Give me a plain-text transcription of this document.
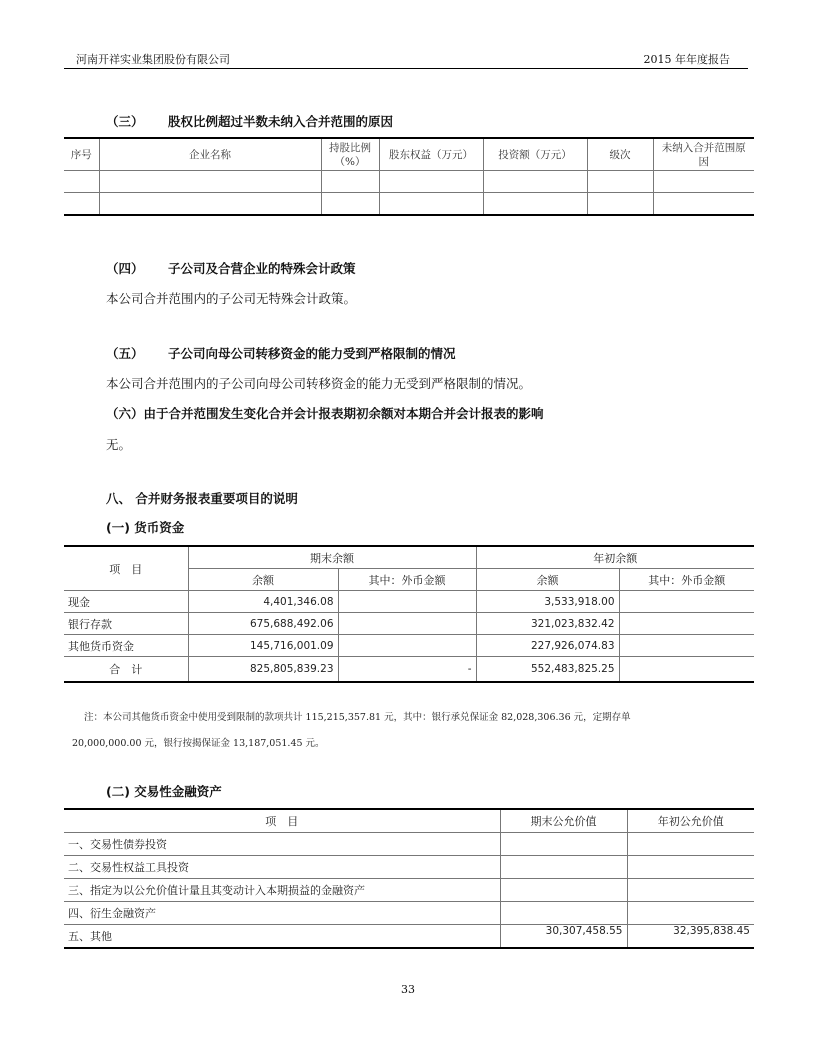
河南开祥实业集团股份有限公司	2015 年年度报告
（三） 股权比例超过半数未纳入合并范围的原因
序号	企业名称	持股比例（%）	股东权益（万元）	投资额（万元）	级次	未纳入合并范围原因

（四） 子公司及合营企业的特殊会计政策
本公司合并范围内的子公司无特殊会计政策。
（五） 子公司向母公司转移资金的能力受到严格限制的情况
本公司合并范围内的子公司向母公司转移资金的能力无受到严格限制的情况。
（六）由于合并范围发生变化合并会计报表期初余额对本期合并会计报表的影响
无。
八、 合并财务报表重要项目的说明
(一) 货币资金
项　目	期末余额		年初余额	
	余额	其中：外币金额	余额	其中：外币金额
现金	4,401,346.08		3,533,918.00	
银行存款	675,688,492.06		321,023,832.42	
其他货币资金	145,716,001.09		227,926,074.83	
合　计	825,805,839.23	-	552,483,825.25	
注：本公司其他货币资金中使用受到限制的款项共计 115,215,357.81 元，其中：银行承兑保证金 82,028,306.36 元，定期存单
20,000,000.00 元，银行按揭保证金 13,187,051.45 元。
(二) 交易性金融资产
项　目	期末公允价值	年初公允价值
一、交易性债券投资		
二、交易性权益工具投资		
三、指定为以公允价值计量且其变动计入本期损益的金融资产		
四、衍生金融资产		
五、其他	30,307,458.55	32,395,838.45
33
